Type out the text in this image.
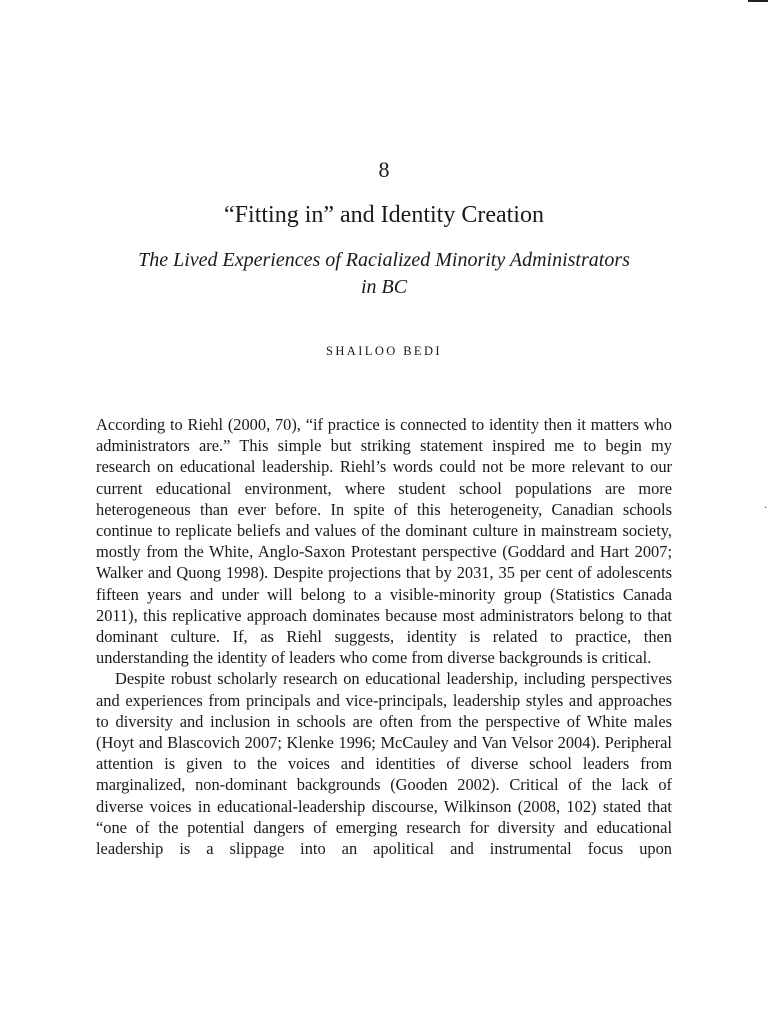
8
“Fitting in” and Identity Creation
The Lived Experiences of Racialized Minority Administrators in BC
SHAILOO BEDI

According to Riehl (2000, 70), “if practice is connected to identity then it matters who administrators are.” This simple but striking statement inspired me to begin my research on educational leadership. Riehl’s words could not be more relevant to our current educational environment, where student school populations are more heterogeneous than ever before. In spite of this heterogeneity, Canadian schools continue to replicate beliefs and values of the dominant culture in mainstream society, mostly from the White, Anglo-Saxon Protestant perspective (Goddard and Hart 2007; Walker and Quong 1998). Despite projections that by 2031, 35 per cent of adolescents fifteen years and under will belong to a visible-minority group (Statistics Canada 2011), this replicative approach dominates because most administrators belong to that dominant culture. If, as Riehl suggests, identity is related to practice, then understanding the identity of leaders who come from diverse backgrounds is critical.

Despite robust scholarly research on educational leadership, including perspectives and experiences from principals and vice-principals, leadership styles and approaches to diversity and inclusion in schools are often from the perspective of White males (Hoyt and Blascovich 2007; Klenke 1996; McCauley and Van Velsor 2004). Peripheral attention is given to the voices and identities of diverse school leaders from marginalized, non-dominant backgrounds (Gooden 2002). Critical of the lack of diverse voices in educational-leadership discourse, Wilkinson (2008, 102) stated that “one of the potential dangers of emerging research for diversity and educational leadership is a slippage into an apolitical and instrumental focus upon

·
